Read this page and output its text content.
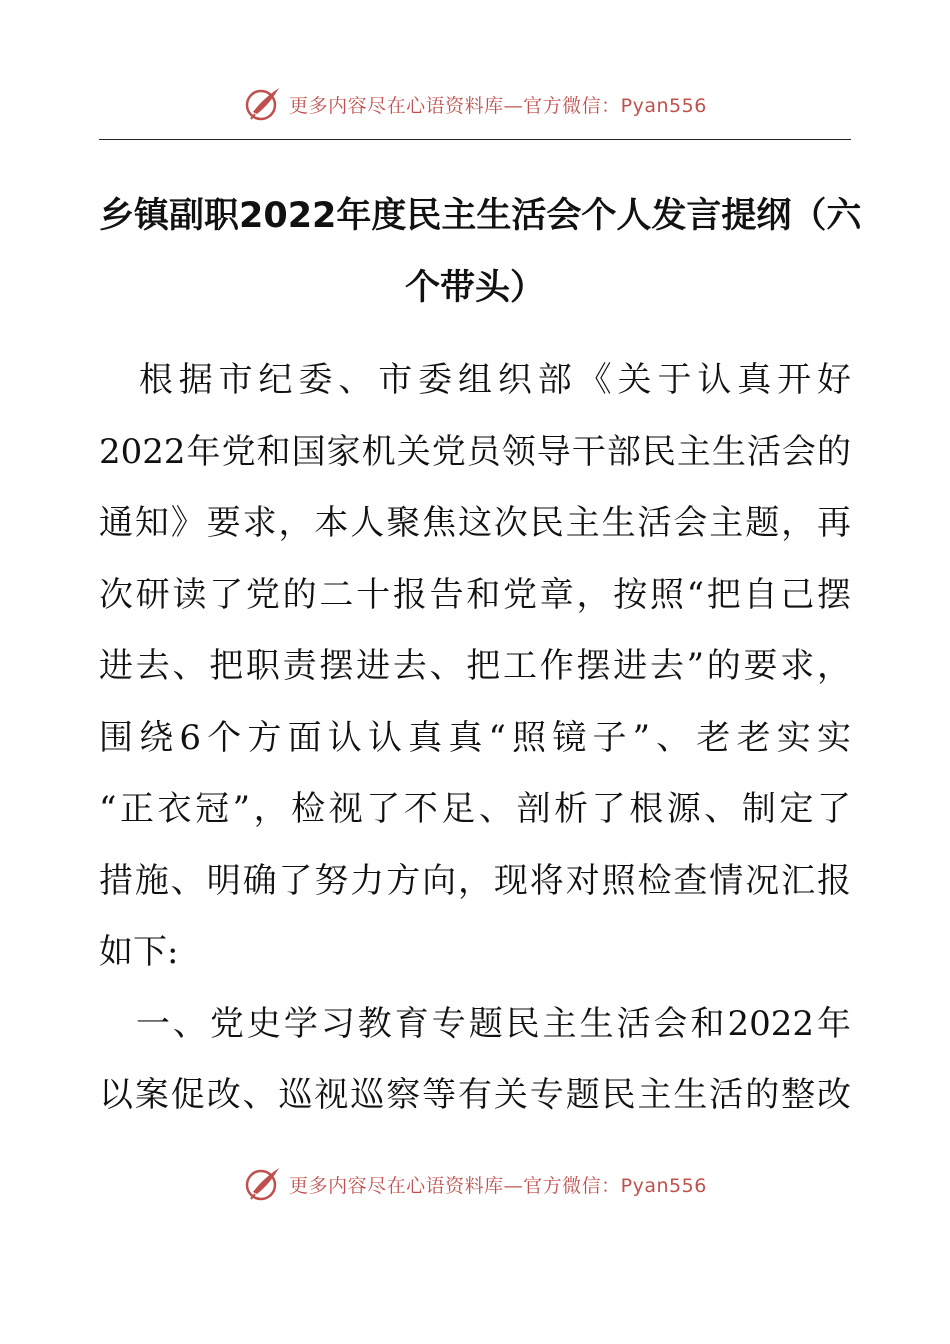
更多内容尽在心语资料库—官方微信：Pyan556
乡镇副职2022年度民主生活会个人发言提纲（六
个带头）
　根据市纪委、市委组织部《关于认真开好
2022年党和国家机关党员领导干部民主生活会的
通知》要求，本人聚焦这次民主生活会主题，再
次研读了党的二十报告和党章，按照“把自己摆
进去、把职责摆进去、把工作摆进去”的要求，
围绕6个方面认认真真“照镜子”、老老实实
“正衣冠”，检视了不足、剖析了根源、制定了
措施、明确了努力方向，现将对照检查情况汇报
如下:
　一、党史学习教育专题民主生活会和2022年
以案促改、巡视巡察等有关专题民主生活的整改
更多内容尽在心语资料库—官方微信：Pyan556
